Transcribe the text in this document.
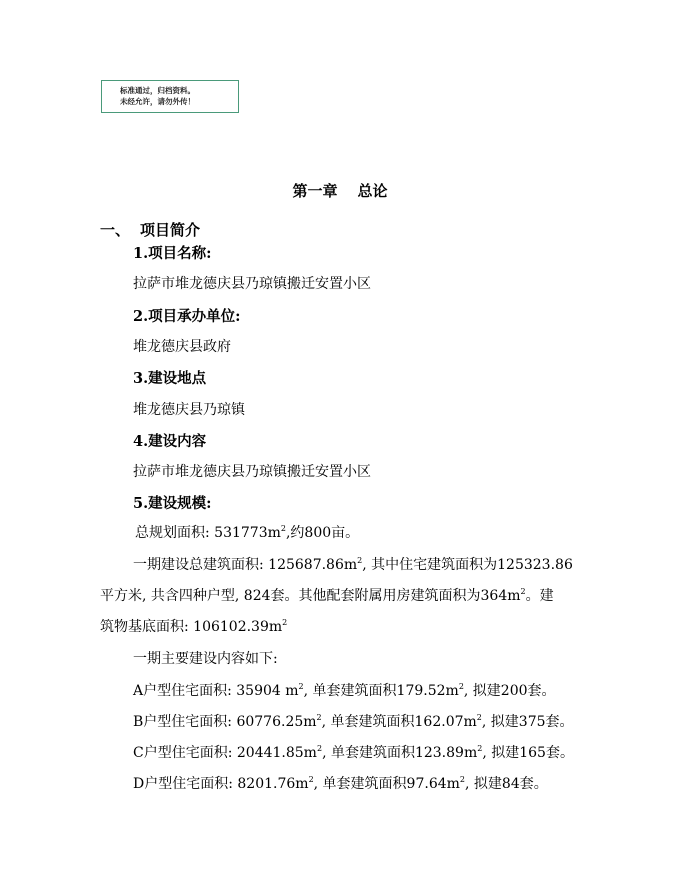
标准通过，归档资料。
未经允许，请勿外传！
第一章 总论
一、 项目简介
1.项目名称:
拉萨市堆龙德庆县乃琼镇搬迁安置小区
2.项目承办单位:
堆龙德庆县政府
3.建设地点
堆龙德庆县乃琼镇
4.建设内容
拉萨市堆龙德庆县乃琼镇搬迁安置小区
5.建设规模:
总规划面积: $531773m^2$,约800亩。
一期建设总建筑面积: $125687.86m^2$, 其中住宅建筑面积为125323.86
平方米, 共含四种户型, 824套。其他配套附属用房建筑面积为$364m^2$。建
筑物基底面积: $106102.39m^2$
一期主要建设内容如下:
A户型住宅面积: 35904 $m^2$, 单套建筑面积$179.52m^2$, 拟建200套。
B户型住宅面积: $60776.25m^2$, 单套建筑面积$162.07m^2$, 拟建375套。
C户型住宅面积: $20441.85m^2$, 单套建筑面积$123.89m^2$, 拟建165套。
D户型住宅面积: $8201.76m^2$, 单套建筑面积$97.64m^2$, 拟建84套。
